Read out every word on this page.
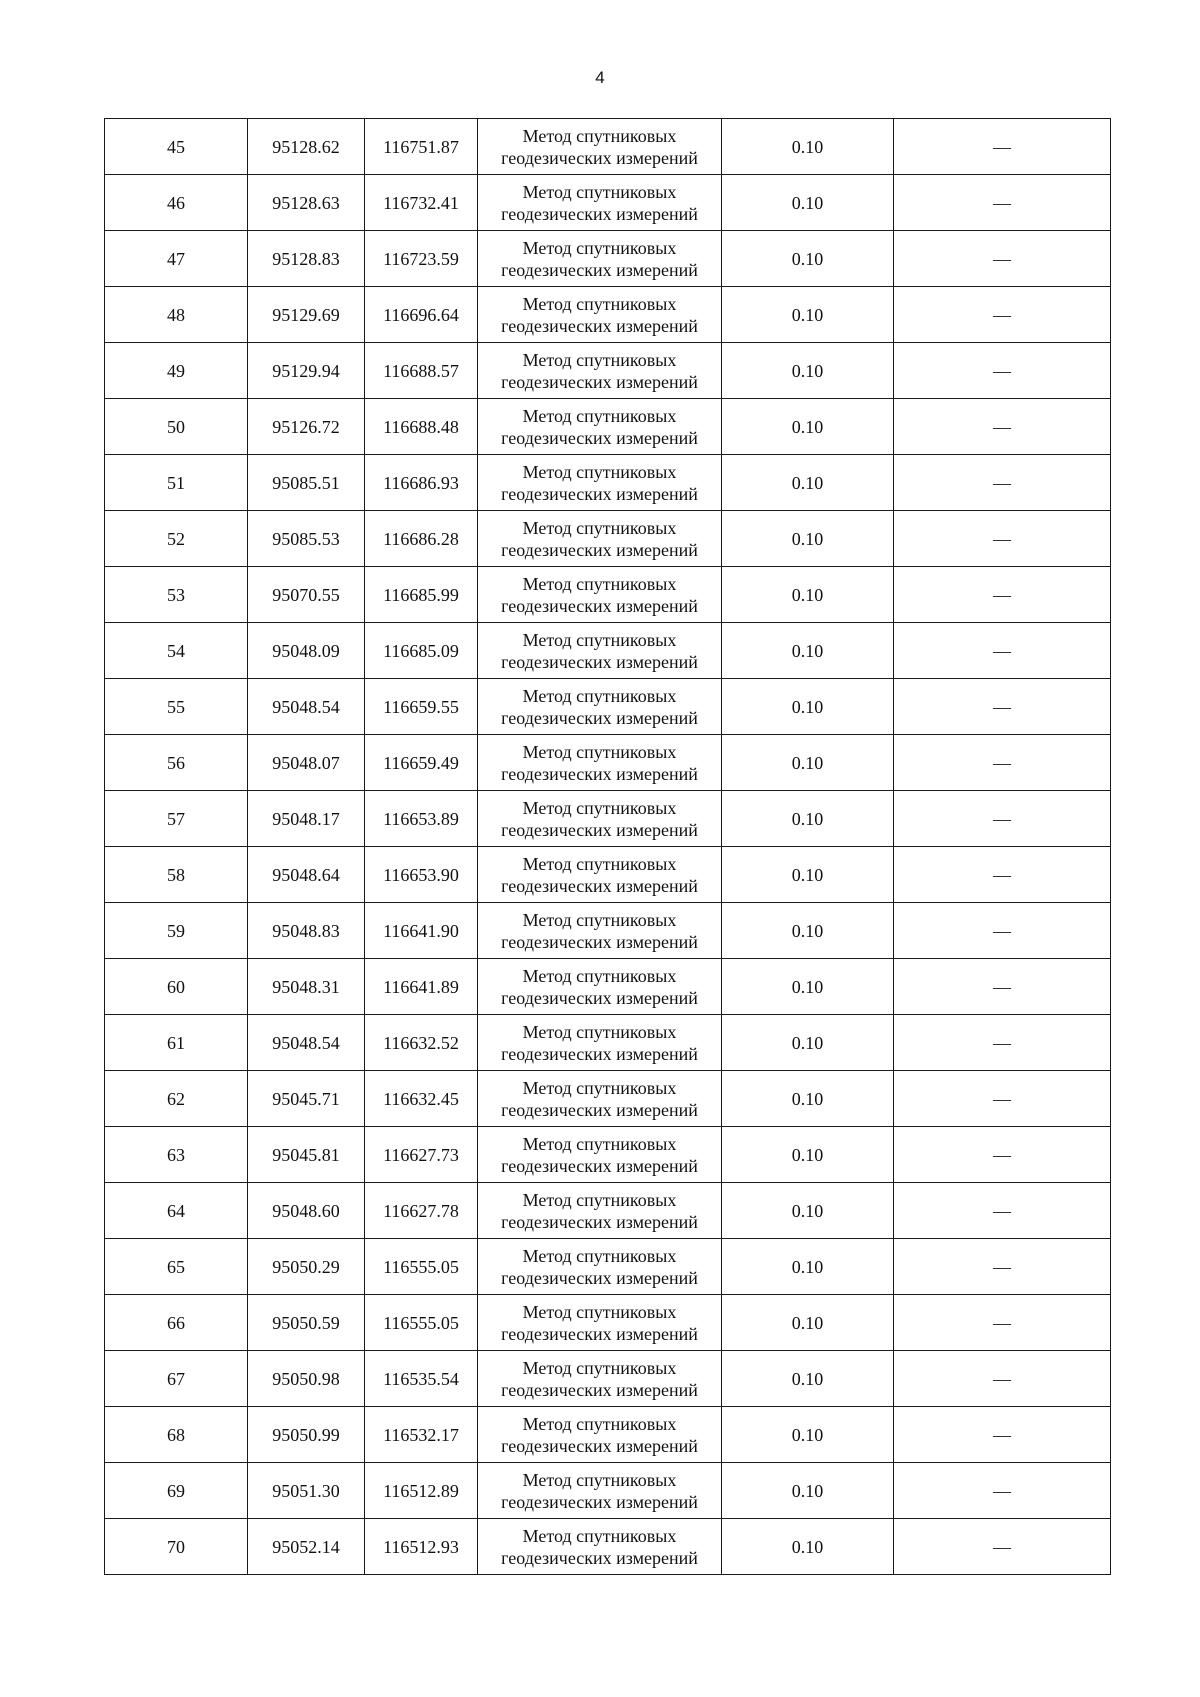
4
45	95128.62	116751.87	Метод спутниковых
геодезических измерений	0.10	—
46	95128.63	116732.41	Метод спутниковых
геодезических измерений	0.10	—
47	95128.83	116723.59	Метод спутниковых
геодезических измерений	0.10	—
48	95129.69	116696.64	Метод спутниковых
геодезических измерений	0.10	—
49	95129.94	116688.57	Метод спутниковых
геодезических измерений	0.10	—
50	95126.72	116688.48	Метод спутниковых
геодезических измерений	0.10	—
51	95085.51	116686.93	Метод спутниковых
геодезических измерений	0.10	—
52	95085.53	116686.28	Метод спутниковых
геодезических измерений	0.10	—
53	95070.55	116685.99	Метод спутниковых
геодезических измерений	0.10	—
54	95048.09	116685.09	Метод спутниковых
геодезических измерений	0.10	—
55	95048.54	116659.55	Метод спутниковых
геодезических измерений	0.10	—
56	95048.07	116659.49	Метод спутниковых
геодезических измерений	0.10	—
57	95048.17	116653.89	Метод спутниковых
геодезических измерений	0.10	—
58	95048.64	116653.90	Метод спутниковых
геодезических измерений	0.10	—
59	95048.83	116641.90	Метод спутниковых
геодезических измерений	0.10	—
60	95048.31	116641.89	Метод спутниковых
геодезических измерений	0.10	—
61	95048.54	116632.52	Метод спутниковых
геодезических измерений	0.10	—
62	95045.71	116632.45	Метод спутниковых
геодезических измерений	0.10	—
63	95045.81	116627.73	Метод спутниковых
геодезических измерений	0.10	—
64	95048.60	116627.78	Метод спутниковых
геодезических измерений	0.10	—
65	95050.29	116555.05	Метод спутниковых
геодезических измерений	0.10	—
66	95050.59	116555.05	Метод спутниковых
геодезических измерений	0.10	—
67	95050.98	116535.54	Метод спутниковых
геодезических измерений	0.10	—
68	95050.99	116532.17	Метод спутниковых
геодезических измерений	0.10	—
69	95051.30	116512.89	Метод спутниковых
геодезических измерений	0.10	—
70	95052.14	116512.93	Метод спутниковых
геодезических измерений	0.10	—
